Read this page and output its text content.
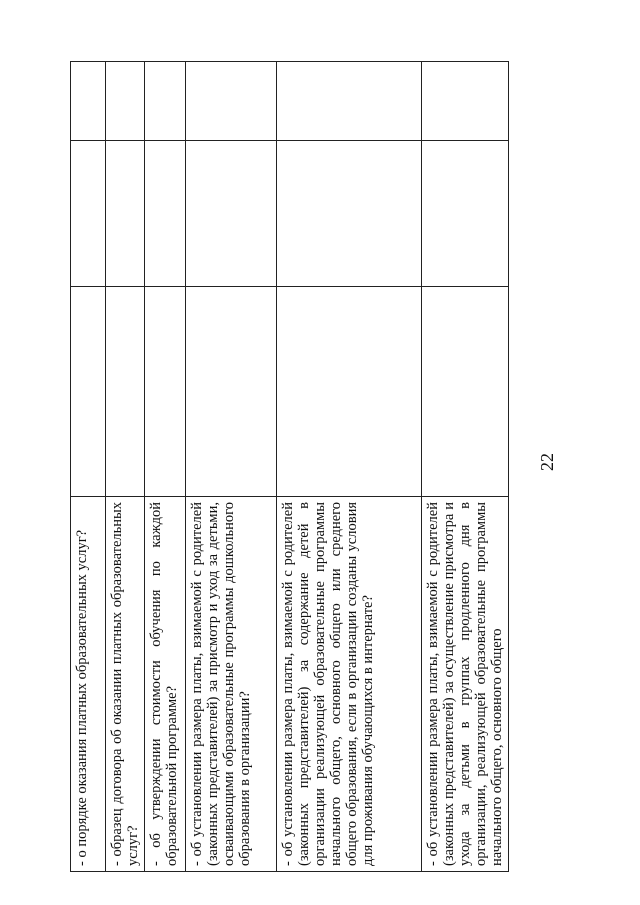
- о порядке оказания платных образовательных услуг?			
- образец договора об оказании платных образовательных услуг?			
- об утверждении стоимости обучения по каждой образовательной программе?			
- об установлении размера платы, взимаемой с родителей (законных представителей) за присмотр и уход за детьми, осваивающими образовательные программы дошкольного образования в организации?			
- об установлении размера платы, взимаемой с родителей (законных представителей) за содержание детей в организации реализующей образовательные программы начального общего, основного общего или среднего общего образования, если в организации созданы условия для проживания обучающихся в интернате?			
- об установлении размера платы, взимаемой с родителей (законных представителей) за осуществление присмотра и ухода за детьми в группах продленного дня в организации, реализующей образовательные программы начального общего, основного общего			
22
